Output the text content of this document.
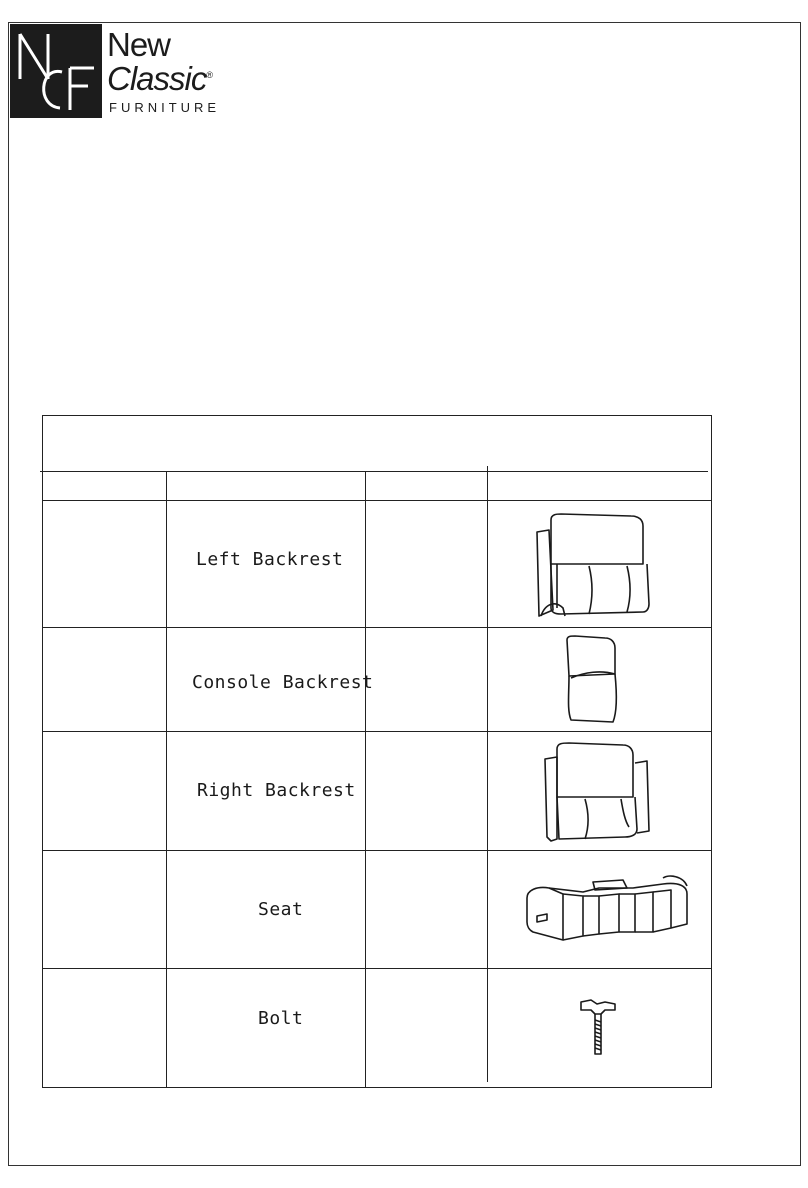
New
Classic®
FURNITURE
Left Backrest
Console Backrest
Right Backrest
Seat
Bolt
